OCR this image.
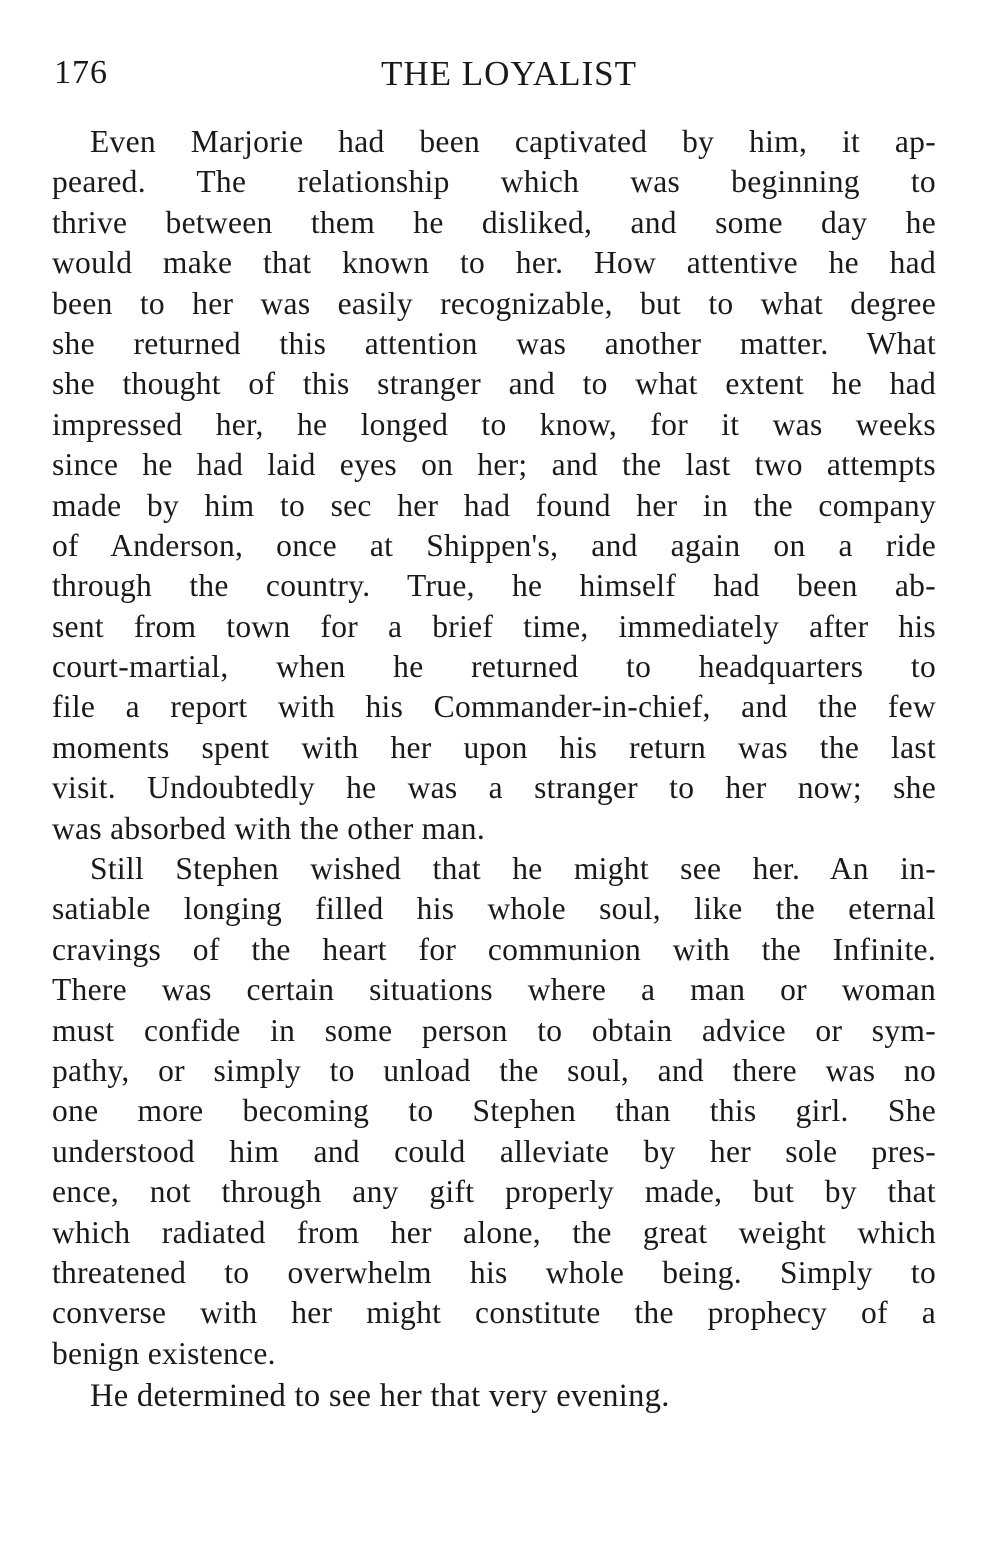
176	THE LOYALIST
Even Marjorie had been captivated by him, it ap-
peared. The relationship which was beginning to
thrive between them he disliked, and some day he
would make that known to her. How attentive he had
been to her was easily recognizable, but to what degree
she returned this attention was another matter. What
she thought of this stranger and to what extent he had
impressed her, he longed to know, for it was weeks
since he had laid eyes on her; and the last two attempts
made by him to sec her had found her in the company
of Anderson, once at Shippen's, and again on a ride
through the country. True, he himself had been ab-
sent from town for a brief time, immediately after his
court-martial, when he returned to headquarters to
file a report with his Commander-in-chief, and the few
moments spent with her upon his return was the last
visit. Undoubtedly he was a stranger to her now; she
was absorbed with the other man.
Still Stephen wished that he might see her. An in-
satiable longing filled his whole soul, like the eternal
cravings of the heart for communion with the Infinite.
There was certain situations where a man or woman
must confide in some person to obtain advice or sym-
pathy, or simply to unload the soul, and there was no
one more becoming to Stephen than this girl. She
understood him and could alleviate by her sole pres-
ence, not through any gift properly made, but by that
which radiated from her alone, the great weight which
threatened to overwhelm his whole being. Simply to
converse with her might constitute the prophecy of a
benign existence.
He determined to see her that very evening.
